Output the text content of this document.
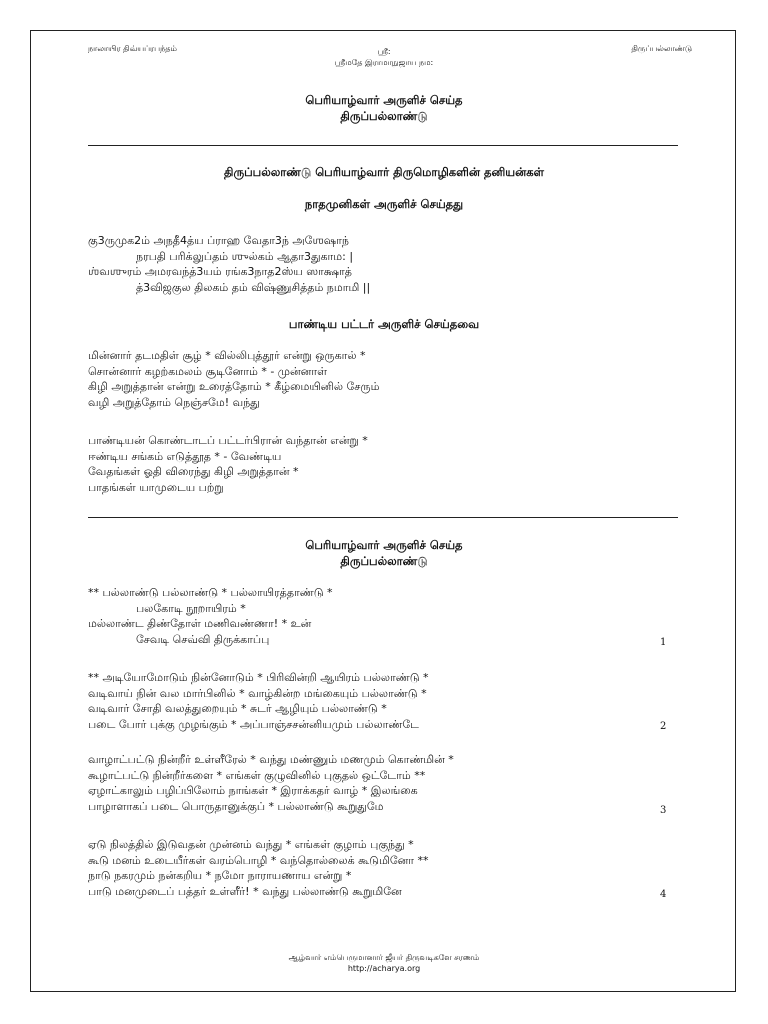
நாலாயிர திவ்யப்ரபந்தம்	ஸ்ரீ:
ஸ்ரீமதே இராமாநுஜாய நம:
திருப்பல்லாண்டு
பெரியாழ்வார் அருளிச் செய்த
திருப்பல்லாண்டு
திருப்பல்லாண்டு பெரியாழ்வார் திருமொழிகளின் தனியன்கள்
நாதமுனிகள் அருளிச் செய்தது
கு3ருமுக2ம் அநதீ4த்ய ப்ராஹ வேதா3ந் அஶேஷாந்
நரபதி பரிக்லுப்தம் ஶுல்கம் ஆதா3துகாம: |
ஶ்வஶுரம் அமரவந்த்3யம் ரங்க3நாத2ஸ்ய ஸாக்ஷாத்
த்3விஜகுல திலகம் தம் விஷ்ணுசித்தம் நமாமி ||
பாண்டிய பட்டர் அருளிச் செய்தவை
மின்னார் தடமதிள் சூழ் * வில்லிபுத்தூர் என்று ஒருகால் *
சொன்னார் கழற்கமலம் சூடினோம் * - முன்னாள்
கிழி அறுத்தான் என்று உரைத்தோம் * கீழ்மையினில் சேரும்
வழி அறுத்தோம் நெஞ்சமே! வந்து
பாண்டியன் கொண்டாடப் பட்டர்பிரான் வந்தான் என்று *
ஈண்டிய சங்கம் எடுத்தூத * - வேண்டிய
வேதங்கள் ஓதி விரைந்து கிழி அறுத்தான் *
பாதங்கள் யாமுடைய பற்று
பெரியாழ்வார் அருளிச் செய்த
திருப்பல்லாண்டு
** பல்லாண்டு பல்லாண்டு * பல்லாயிரத்தாண்டு *
பலகோடி நூறாயிரம் *
மல்லாண்ட திண்தோள் மணிவண்ணா! * உன்
சேவடி செவ்வி திருக்காப்பு	1
** அடியோமோடும் நின்னோடும் * பிரிவின்றி ஆயிரம் பல்லாண்டு *
வடிவாய் நின் வல மார்பினில் * வாழ்கின்ற மங்கையும் பல்லாண்டு *
வடிவார் சோதி வலத்துறையும் * சுடர் ஆழியும் பல்லாண்டு *
படை போர் புக்கு முழங்கும் * அப்பாஞ்சசன்னியமும் பல்லாண்டே	2
வாழாட்பட்டு நின்றீர் உள்ளீரேல் * வந்து மண்ணும் மணமும் கொண்மின் *
கூழாட்பட்டு நின்றீர்களை * எங்கள் குழுவினில் புகுதல் ஒட்டோம் **
ஏழாட்காலும் பழிப்பிலோம் நாங்கள் * இராக்கதர் வாழ் * இலங்கை
பாழாளாகப் படை பொருதானுக்குப் * பல்லாண்டு கூறுதுமே	3
ஏடு நிலத்தில் இடுவதன் முன்னம் வந்து * எங்கள் குழாம் புகுந்து *
கூடு மனம் உடையீர்கள் வரம்பொழி * வந்தொல்லைக் கூடுமினோ **
நாடு நகரமும் நன்கறிய * நமோ நாராயணாய என்று *
பாடு மனமுடைப் பத்தர் உள்ளீர்! * வந்து பல்லாண்டு கூறுமினே	4
ஆழ்வார் எம்பெருமானார் ஜீயர் திருவடிகளே சரணம்
http://acharya.org
